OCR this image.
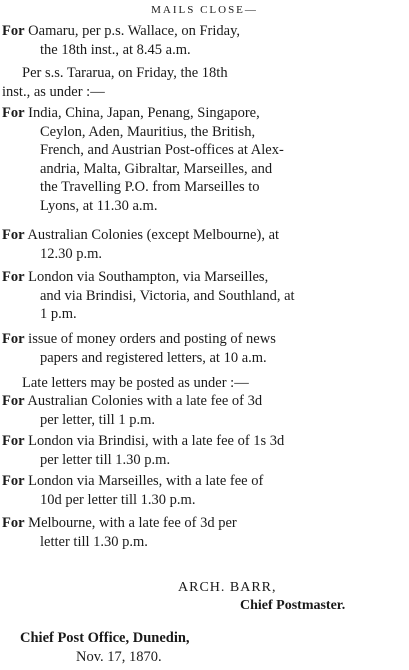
MAILS CLOSE—
For Oamaru, per p.s. Wallace, on Friday,
the 18th inst., at 8.45 a.m.
Per s.s. Tararua, on Friday, the 18th
inst., as under :—
For India, China, Japan, Penang, Singapore,
Ceylon, Aden, Mauritius, the British,
French, and Austrian Post-offices at Alex-
andria, Malta, Gibraltar, Marseilles, and
the Travelling P.O. from Marseilles to
Lyons, at 11.30 a.m.
For Australian Colonies (except Melbourne), at
12.30 p.m.
For London via Southampton, via Marseilles,
and via Brindisi, Victoria, and Southland, at
1 p.m.
For issue of money orders and posting of news
papers and registered letters, at 10 a.m.
Late letters may be posted as under :—
For Australian Colonies with a late fee of 3d
per letter, till 1 p.m.
For London via Brindisi, with a late fee of 1s 3d
per letter till 1.30 p.m.
For London via Marseilles, with a late fee of
10d per letter till 1.30 p.m.
For Melbourne, with a late fee of 3d per
letter till 1.30 p.m.
ARCH. BARR,
Chief Postmaster.
Chief Post Office, Dunedin,
Nov. 17, 1870.
